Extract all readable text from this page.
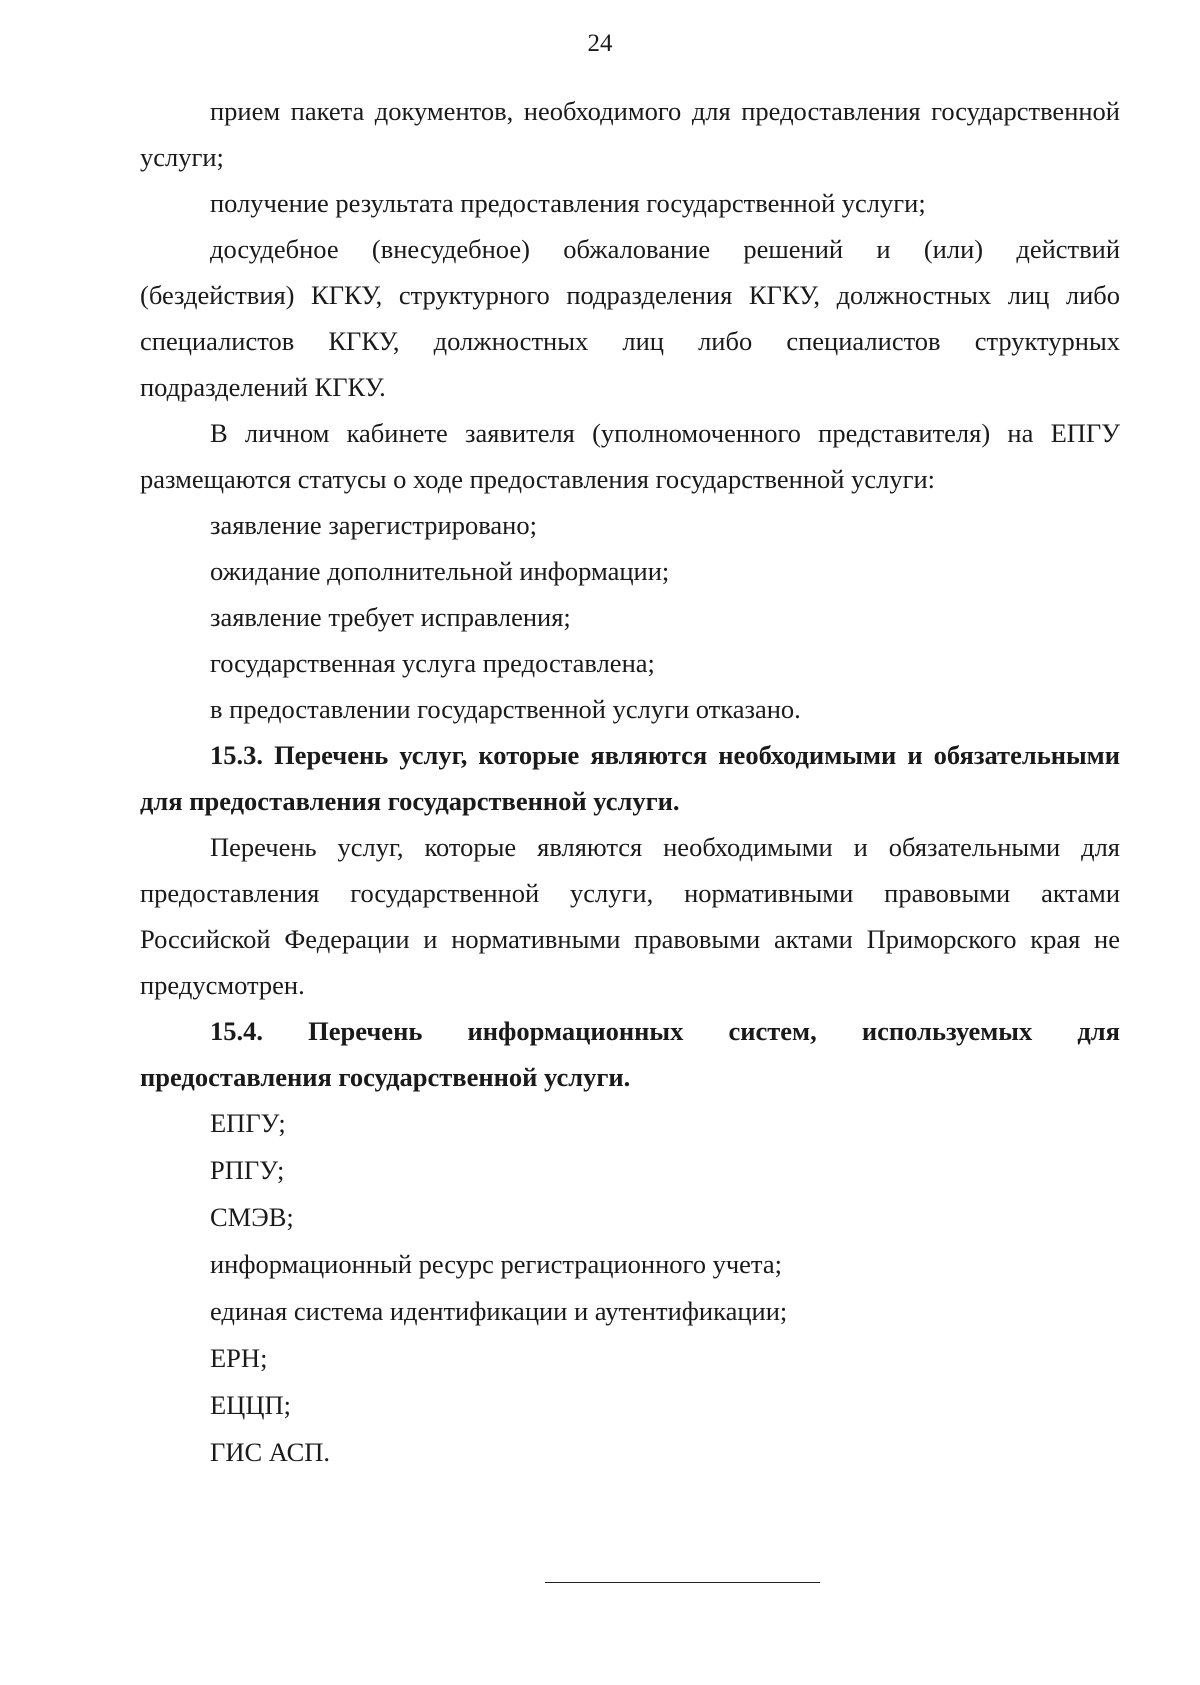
24

прием пакета документов, необходимого для предоставления государственной услуги;

получение результата предоставления государственной услуги;

досудебное (внесудебное) обжалование решений и (или) действий (бездействия) КГКУ, структурного подразделения КГКУ, должностных лиц либо специалистов КГКУ, должностных лиц либо специалистов структурных подразделений КГКУ.

В личном кабинете заявителя (уполномоченного представителя) на ЕПГУ размещаются статусы о ходе предоставления государственной услуги:

заявление зарегистрировано;

ожидание дополнительной информации;

заявление требует исправления;

государственная услуга предоставлена;

в предоставлении государственной услуги отказано.

15.3. Перечень услуг, которые являются необходимыми и обязательными для предоставления государственной услуги.

Перечень услуг, которые являются необходимыми и обязательными для предоставления государственной услуги, нормативными правовыми актами Российской Федерации и нормативными правовыми актами Приморского края не предусмотрен.

15.4. Перечень информационных систем, используемых для предоставления государственной услуги.

ЕПГУ;

РПГУ;

СМЭВ;

информационный ресурс регистрационного учета;

единая система идентификации и аутентификации;

ЕРН;

ЕЦЦП;

ГИС АСП.
